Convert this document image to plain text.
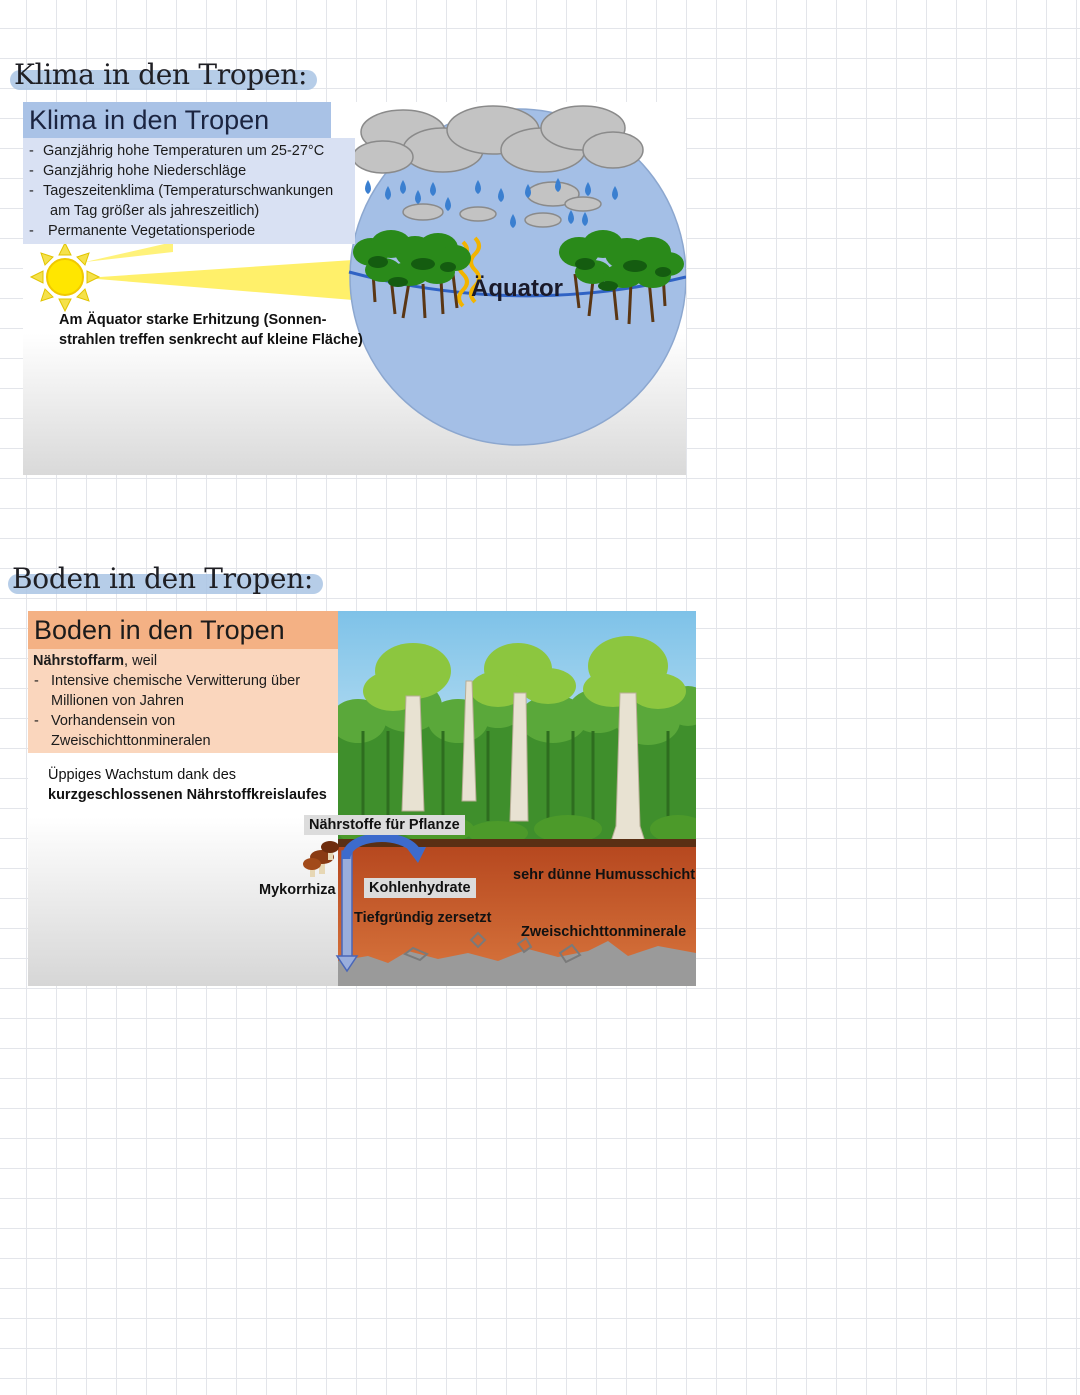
Klima in den Tropen:
Klima in den Tropen
- Ganzjährig hohe Temperaturen um 25-27°C
- Ganzjährig hohe Niederschläge
- Tageszeitenklima (Temperaturschwankungen
am Tag größer als jahreszeitlich)
- Permanente Vegetationsperiode
Am Äquator starke Erhitzung (Sonnen-
strahlen treffen senkrecht auf kleine Fläche)
Äquator
Boden in den Tropen:
Boden in den Tropen
Nährstoffarm, weil
- Intensive chemische Verwitterung über
Millionen von Jahren
- Vorhandensein von
Zweischichttonmineralen
Üppiges Wachstum dank des
kurzgeschlossenen Nährstoffkreislaufes
Nährstoffe für Pflanze
Kohlenhydrate
Mykorrhiza
Tiefgründig zersetzt
sehr dünne Humusschicht
Zweischichttonminerale
